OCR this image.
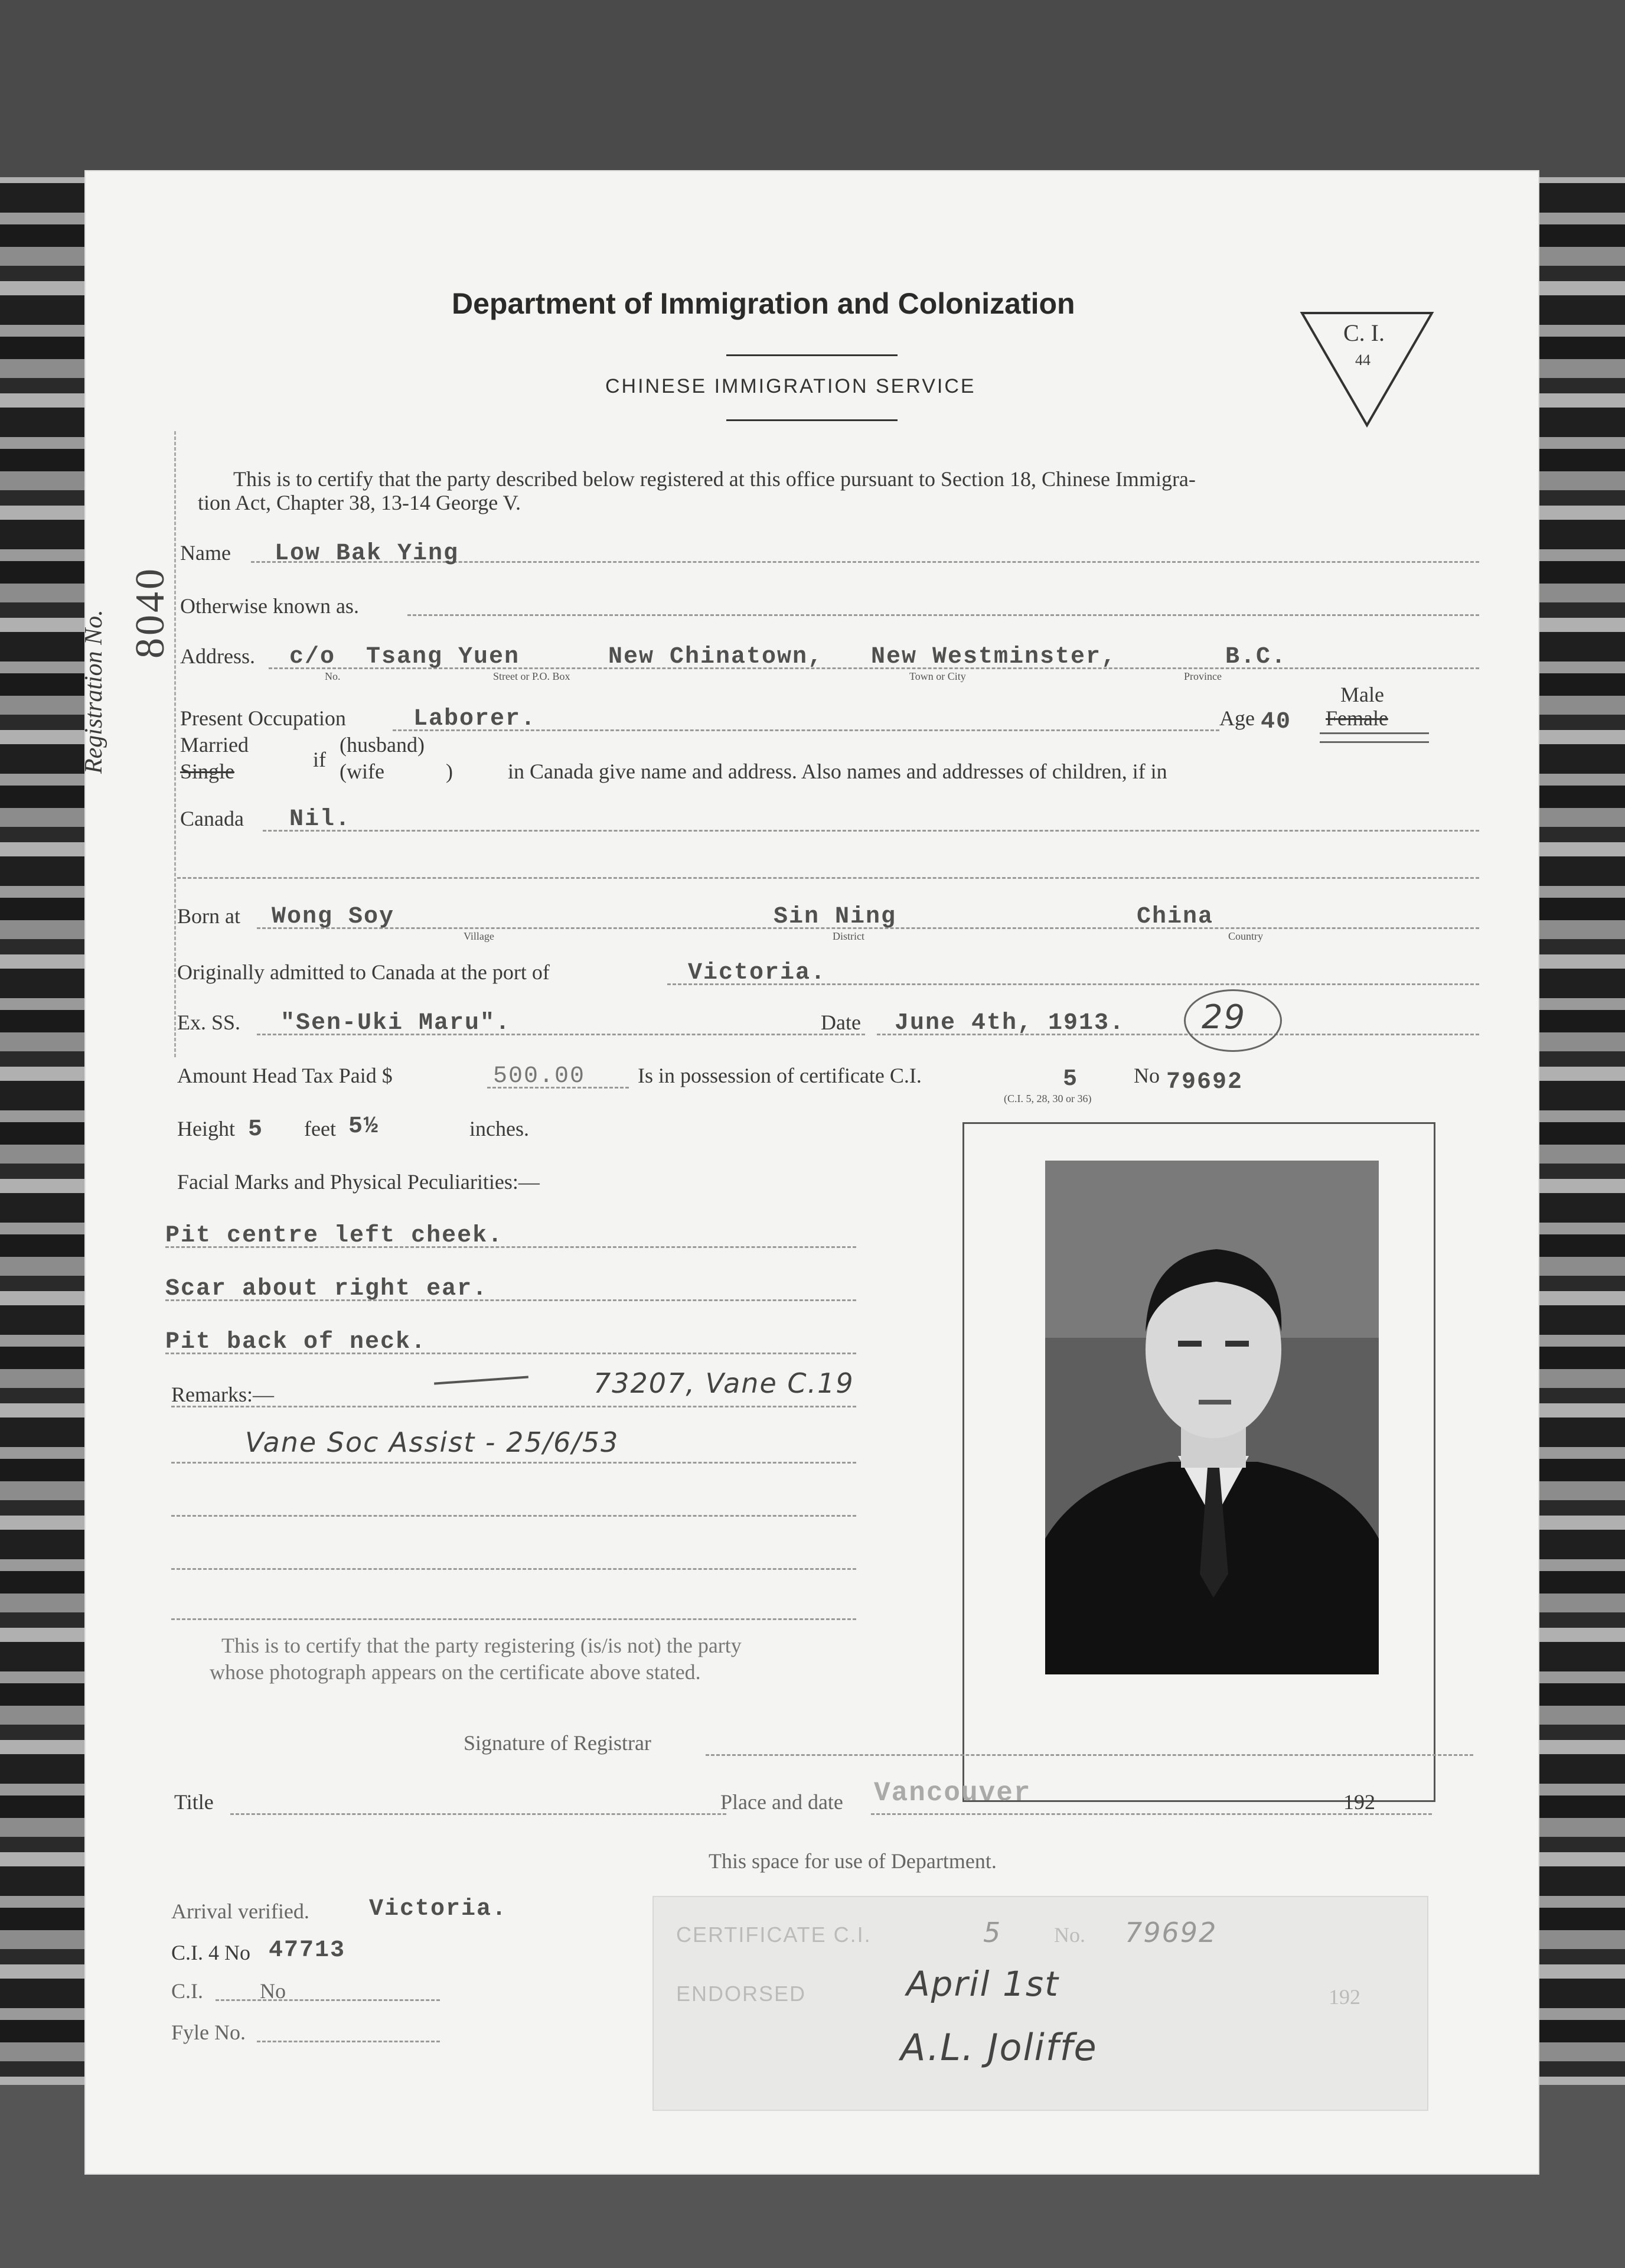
Department of Immigration and Colonization
CHINESE IMMIGRATION SERVICE
C. I.
44
Registration No. 8040
This is to certify that the party described below registered at this office pursuant to Section 18, Chinese Immigra-
tion Act, Chapter 38, 13-14 George V.
Name Low Bak Ying
Otherwise known as.
Address. c/o Tsang Yuen	New Chinatown, New Westminster,	B.C.
No.	Street or P.O. Box	Town or City	Province
Male
Present Occupation	Laborer.	Age 40 Female
Married
Single	if
(husband)
(wife	)	in Canada give name and address. Also names and addresses of children, if in
Canada Nil.
Born at Wong Soy
Village
Sin Ning
District
China
Country
Originally admitted to Canada at the port of	Victoria.
Ex. SS. "Sen-Uki Maru".	Date June 4th, 1913. 29
Amount Head Tax Paid $	500.00 Is in possession of certificate C.I.	5	No 79692
(C.I. 5, 28, 30 or 36)
Height 5 feet 5½	inches.
Facial Marks and Physical Peculiarities:—
Pit centre left cheek.
Scar about right ear.
Pit back of neck.
Remarks:—	73207, Vane C.19
Vane Soc Assist - 25/6/53
This is to certify that the party registering (is/is not) the party
whose photograph appears on the certificate above stated.
Signature of Registrar
Title	Place and date Vancouver	192
This space for use of Department.
Arrival verified.	Victoria.
C.I. 4 No 47713
C.I.	No
Fyle No.
CERTIFICATE C.I.	5 No. 79692
ENDORSED	April 1st	192
A.L. Joliffe
